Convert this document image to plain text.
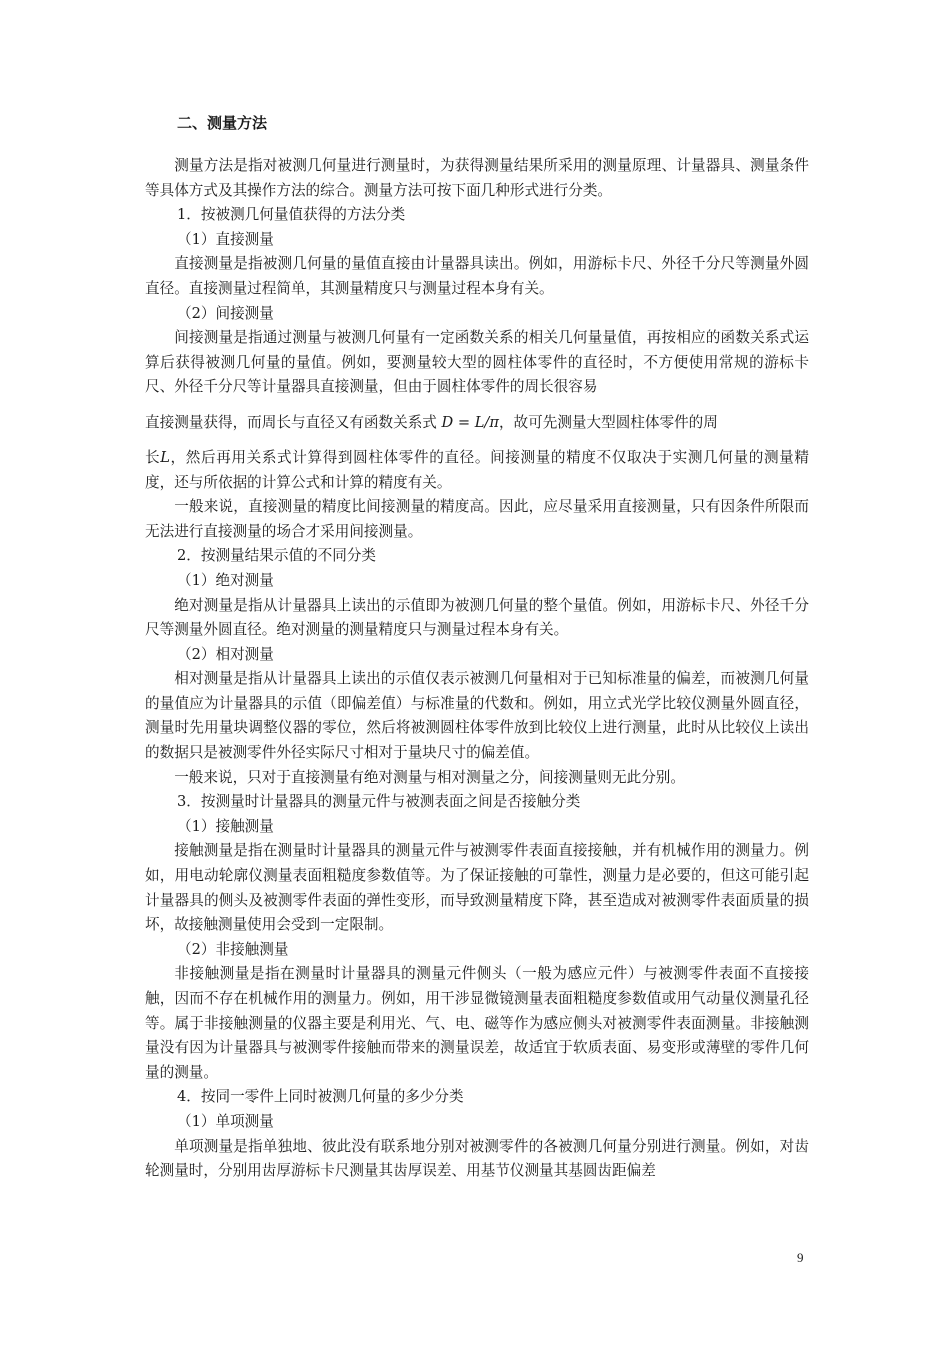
二、测量方法

测量方法是指对被测几何量进行测量时，为获得测量结果所采用的测量原理、计量器具、测量条件等具体方式及其操作方法的综合。测量方法可按下面几种形式进行分类。

1．按被测几何量值获得的方法分类

（1）直接测量

直接测量是指被测几何量的量值直接由计量器具读出。例如，用游标卡尺、外径千分尺等测量外圆直径。直接测量过程简单，其测量精度只与测量过程本身有关。

（2）间接测量

间接测量是指通过测量与被测几何量有一定函数关系的相关几何量量值，再按相应的函数关系式运算后获得被测几何量的量值。例如，要测量较大型的圆柱体零件的直径时，不方便使用常规的游标卡尺、外径千分尺等计量器具直接测量，但由于圆柱体零件的周长很容易

直接测量获得，而周长与直径又有函数关系式 D = L/π，故可先测量大型圆柱体零件的周

长L，然后再用关系式计算得到圆柱体零件的直径。间接测量的精度不仅取决于实测几何量的测量精度，还与所依据的计算公式和计算的精度有关。

一般来说，直接测量的精度比间接测量的精度高。因此，应尽量采用直接测量，只有因条件所限而无法进行直接测量的场合才采用间接测量。

2．按测量结果示值的不同分类

（1）绝对测量

绝对测量是指从计量器具上读出的示值即为被测几何量的整个量值。例如，用游标卡尺、外径千分尺等测量外圆直径。绝对测量的测量精度只与测量过程本身有关。

（2）相对测量

相对测量是指从计量器具上读出的示值仅表示被测几何量相对于已知标准量的偏差，而被测几何量的量值应为计量器具的示值（即偏差值）与标准量的代数和。例如，用立式光学比较仪测量外圆直径，测量时先用量块调整仪器的零位，然后将被测圆柱体零件放到比较仪上进行测量，此时从比较仪上读出的数据只是被测零件外径实际尺寸相对于量块尺寸的偏差值。

一般来说，只对于直接测量有绝对测量与相对测量之分，间接测量则无此分别。

3．按测量时计量器具的测量元件与被测表面之间是否接触分类

（1）接触测量

接触测量是指在测量时计量器具的测量元件与被测零件表面直接接触，并有机械作用的测量力。例如，用电动轮廓仪测量表面粗糙度参数值等。为了保证接触的可靠性，测量力是必要的，但这可能引起计量器具的侧头及被测零件表面的弹性变形，而导致测量精度下降，甚至造成对被测零件表面质量的损坏，故接触测量使用会受到一定限制。

（2）非接触测量

非接触测量是指在测量时计量器具的测量元件侧头（一般为感应元件）与被测零件表面不直接接触，因而不存在机械作用的测量力。例如，用干涉显微镜测量表面粗糙度参数值或用气动量仪测量孔径等。属于非接触测量的仪器主要是利用光、气、电、磁等作为感应侧头对被测零件表面测量。非接触测量没有因为计量器具与被测零件接触而带来的测量误差，故适宜于软质表面、易变形或薄壁的零件几何量的测量。

4．按同一零件上同时被测几何量的多少分类

（1）单项测量

单项测量是指单独地、彼此没有联系地分别对被测零件的各被测几何量分别进行测量。例如，对齿轮测量时，分别用齿厚游标卡尺测量其齿厚误差、用基节仪测量其基圆齿距偏差

9
